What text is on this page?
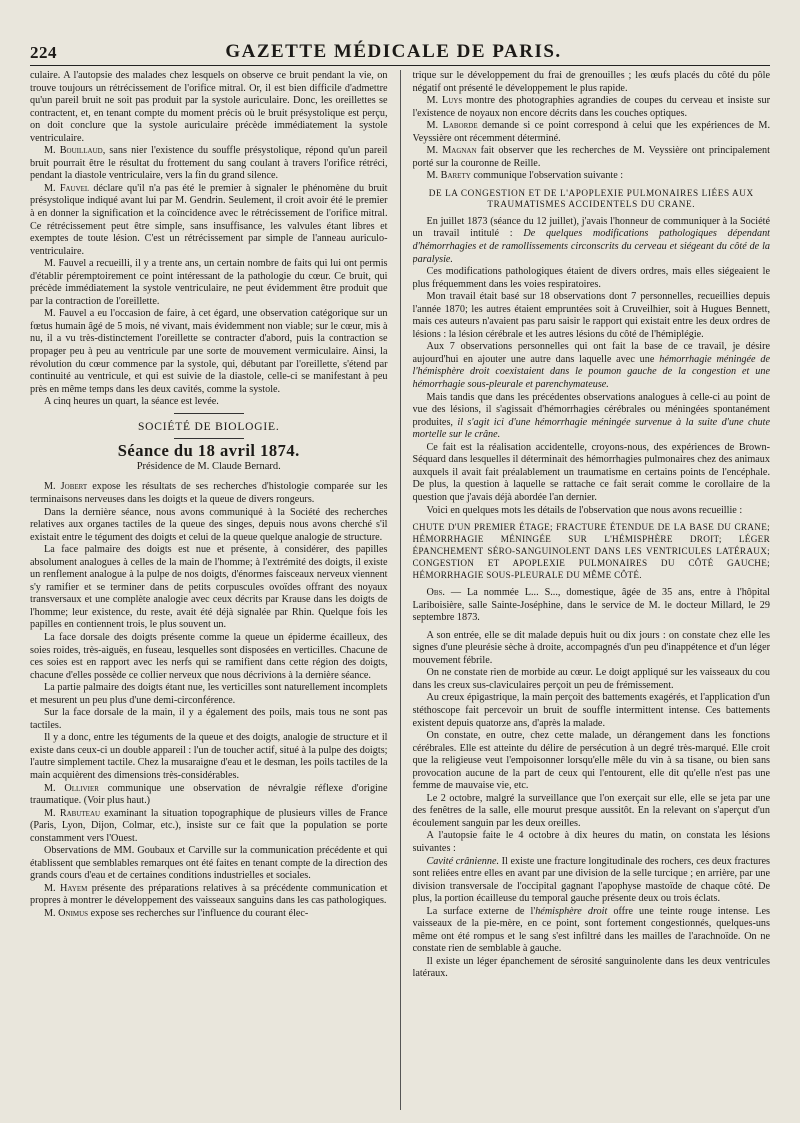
224	GAZETTE MÉDICALE DE PARIS.

culaire. A l'autopsie des malades chez lesquels on observe ce bruit pendant la vie, on trouve toujours un rétrécissement de l'orifice mitral. Or, il est bien difficile d'admettre qu'un pareil bruit ne soit pas produit par la systole auriculaire. Donc, les oreillettes se contractent, et, en tenant compte du moment précis où le bruit présystolique est perçu, on doit conclure que la systole auriculaire précède immédiatement la systole ventriculaire.

M. Bouillaud, sans nier l'existence du souffle présystolique, répond qu'un pareil bruit pourrait être le résultat du frottement du sang coulant à travers l'orifice rétréci, pendant la diastole ventriculaire, vers la fin du grand silence.

M. Fauvel déclare qu'il n'a pas été le premier à signaler le phénomène du bruit présystolique indiqué avant lui par M. Gendrin. Seulement, il croit avoir été le premier à en donner la signification et la coïncidence avec le rétrécissement de l'orifice mitral. Ce rétrécissement peut être simple, sans insuffisance, les valvules étant libres et exemptes de toute lésion. C'est un rétrécissement par simple de l'anneau auriculo-ventriculaire.

M. Fauvel a recueilli, il y a trente ans, un certain nombre de faits qui lui ont permis d'établir péremptoirement ce point intéressant de la pathologie du cœur. Ce bruit, qui précède immédiatement la systole ventriculaire, ne peut évidemment être produit que par la contraction de l'oreillette.

M. Fauvel a eu l'occasion de faire, à cet égard, une observation catégorique sur un fœtus humain âgé de 5 mois, né vivant, mais évidemment non viable; sur le cœur, mis à nu, il a vu très-distinctement l'oreillette se contracter d'abord, puis la contraction se propager peu à peu au ventricule par une sorte de mouvement vermiculaire. Ainsi, la révolution du cœur commence par la systole, qui, débutant par l'oreillette, s'étend par continuité au ventricule, et qui est suivie de la diastole, celle-ci se manifestant à peu près en même temps dans les deux cavités, comme la systole.

A cinq heures un quart, la séance est levée.

SOCIÉTÉ DE BIOLOGIE.
Séance du 18 avril 1874.
Présidence de M. Claude Bernard.

M. Jobert expose les résultats de ses recherches d'histologie comparée sur les terminaisons nerveuses dans les doigts et la queue de divers rongeurs.

Dans la dernière séance, nous avons communiqué à la Société des recherches relatives aux organes tactiles de la queue des singes, depuis nous avons cherché s'il existait entre le tégument des doigts et celui de la queue quelque analogie de structure.

La face palmaire des doigts est nue et présente, à considérer, des papilles absolument analogues à celles de la main de l'homme; à l'extrémité des doigts, il existe un renflement analogue à la pulpe de nos doigts, d'énormes faisceaux nerveux viennent s'y ramifier et se terminer dans de petits corpuscules ovoïdes offrant des noyaux transversaux et une complète analogie avec ceux décrits par Krause dans les doigts de l'homme; leur existence, du reste, avait été déjà signalée par Rhin. Quelque fois les papilles en contiennent trois, le plus souvent un.

La face dorsale des doigts présente comme la queue un épiderme écailleux, des soies roides, très-aiguës, en fuseau, lesquelles sont disposées en verticilles. Chacune de ces soies est en rapport avec les nerfs qui se ramifient dans cette région des doigts, chacune d'elles possède ce collier nerveux que nous décrivions à la dernière séance.

La partie palmaire des doigts étant nue, les verticilles sont naturellement incomplets et mesurent un peu plus d'une demi-circonférence.

Sur la face dorsale de la main, il y a également des poils, mais tous ne sont pas tactiles.

Il y a donc, entre les téguments de la queue et des doigts, analogie de structure et il existe dans ceux-ci un double appareil : l'un de toucher actif, situé à la pulpe des doigts; l'autre simplement tactile. Chez la musaraigne d'eau et le desman, les poils tactiles de la main acquièrent des dimensions très-considérables.

M. Ollivier communique une observation de névralgie réflexe d'origine traumatique. (Voir plus haut.)

M. Rabuteau examinant la situation topographique de plusieurs villes de France (Paris, Lyon, Dijon, Colmar, etc.), insiste sur ce fait que la population se porte constamment vers l'Ouest.

Observations de MM. Goubaux et Carville sur la communication précédente et qui établissent que semblables remarques ont été faites en tenant compte de la direction des grands cours d'eau et de certaines conditions industrielles et sociales.

M. Hayem présente des préparations relatives à sa précédente communication et propres à montrer le développement des vaisseaux sanguins dans les cas pathologiques.

M. Onimus expose ses recherches sur l'influence du courant élec-

trique sur le développement du frai de grenouilles ; les œufs placés du côté du pôle négatif ont présenté le développement le plus rapide.

M. Luys montre des photographies agrandies de coupes du cerveau et insiste sur l'existence de noyaux non encore décrits dans les couches optiques.

M. Laborde demande si ce point correspond à celui que les expériences de M. Veyssière ont récemment déterminé.

M. Magnan fait observer que les recherches de M. Veyssière ont principalement porté sur la couronne de Reille.

M. Barety communique l'observation suivante :

DE LA CONGESTION ET DE L'APOPLEXIE PULMONAIRES LIÉES AUX TRAUMATISMES ACCIDENTELS DU CRANE.

En juillet 1873 (séance du 12 juillet), j'avais l'honneur de communiquer à la Société un travail intitulé : De quelques modifications pathologiques dépendant d'hémorrhagies et de ramollissements circonscrits du cerveau et siégeant du côté de la paralysie.

Ces modifications pathologiques étaient de divers ordres, mais elles siégeaient le plus fréquemment dans les voies respiratoires.

Mon travail était basé sur 18 observations dont 7 personnelles, recueillies depuis l'année 1870; les autres étaient empruntées soit à Cruveilhier, soit à Hugues Bennett, mais ces auteurs n'avaient pas paru saisir le rapport qui existait entre les deux ordres de lésions : la lésion cérébrale et les autres lésions du côté de l'hémiplégie.

Aux 7 observations personnelles qui ont fait la base de ce travail, je désire aujourd'hui en ajouter une autre dans laquelle avec une hémorrhagie méningée de l'hémisphère droit coexistaient dans le poumon gauche de la congestion et une hémorrhagie sous-pleurale et parenchymateuse.

Mais tandis que dans les précédentes observations analogues à celle-ci au point de vue des lésions, il s'agissait d'hémorrhagies cérébrales ou méningées spontanément produites, il s'agit ici d'une hémorrhagie méningée survenue à la suite d'une chute mortelle sur le crâne.

Ce fait est la réalisation accidentelle, croyons-nous, des expériences de Brown-Séquard dans lesquelles il déterminait des hémorrhagies pulmonaires chez des animaux auxquels il avait fait préalablement un traumatisme en certains points de l'encéphale. De plus, la question à laquelle se rattache ce fait serait comme le corollaire de la question que j'avais déjà abordée l'an dernier.

Voici en quelques mots les détails de l'observation que nous avons recueillie :

CHUTE D'UN PREMIER ÉTAGE; FRACTURE ÉTENDUE DE LA BASE DU CRANE; HÉMORRHAGIE MÉNINGÉE SUR L'HÉMISPHÈRE DROIT; LÉGER ÉPANCHEMENT SÉRO-SANGUINOLENT DANS LES VENTRICULES LATÉRAUX; CONGESTION ET APOPLEXIE PULMONAIRES DU CÔTÉ GAUCHE; HÉMORRHAGIE SOUS-PLEURALE DU MÊME CÔTÉ.

Obs. — La nommée L... S..., domestique, âgée de 35 ans, entre à l'hôpital Lariboisière, salle Sainte-Joséphine, dans le service de M. le docteur Millard, le 29 septembre 1873.

A son entrée, elle se dit malade depuis huit ou dix jours : on constate chez elle les signes d'une pleurésie sèche à droite, accompagnés d'un peu d'inappétence et d'un léger mouvement fébrile.

On ne constate rien de morbide au cœur. Le doigt appliqué sur les vaisseaux du cou dans les creux sus-claviculaires perçoit un peu de frémissement.

Au creux épigastrique, la main perçoit des battements exagérés, et l'application d'un stéthoscope fait percevoir un bruit de souffle intermittent intense. Ces battements existent depuis quatorze ans, d'après la malade.

On constate, en outre, chez cette malade, un dérangement dans les fonctions cérébrales. Elle est atteinte du délire de persécution à un degré très-marqué. Elle croit que la religieuse veut l'empoisonner lorsqu'elle mêle du vin à sa tisane, ou bien sans provocation aucune de la part de ceux qui l'entourent, elle dit qu'elle n'est pas une femme de mauvaise vie, etc.

Le 2 octobre, malgré la surveillance que l'on exerçait sur elle, elle se jeta par une des fenêtres de la salle, elle mourut presque aussitôt. En la relevant on s'aperçut d'un écoulement sanguin par les deux oreilles.

A l'autopsie faite le 4 octobre à dix heures du matin, on constata les lésions suivantes :

Cavité crânienne. Il existe une fracture longitudinale des rochers, ces deux fractures sont reliées entre elles en avant par une division de la selle turcique ; en arrière, par une division transversale de l'occipital gagnant l'apophyse mastoïde de chaque côté. De plus, la portion écailleuse du temporal gauche présente deux ou trois éclats.

La surface externe de l'hémisphère droit offre une teinte rouge intense. Les vaisseaux de la pie-mère, en ce point, sont fortement congestionnés, quelques-uns même ont été rompus et le sang s'est infiltré dans les mailles de l'arachnoïde. On ne constate rien de semblable à gauche.

Il existe un léger épanchement de sérosité sanguinolente dans les deux ventricules latéraux.
